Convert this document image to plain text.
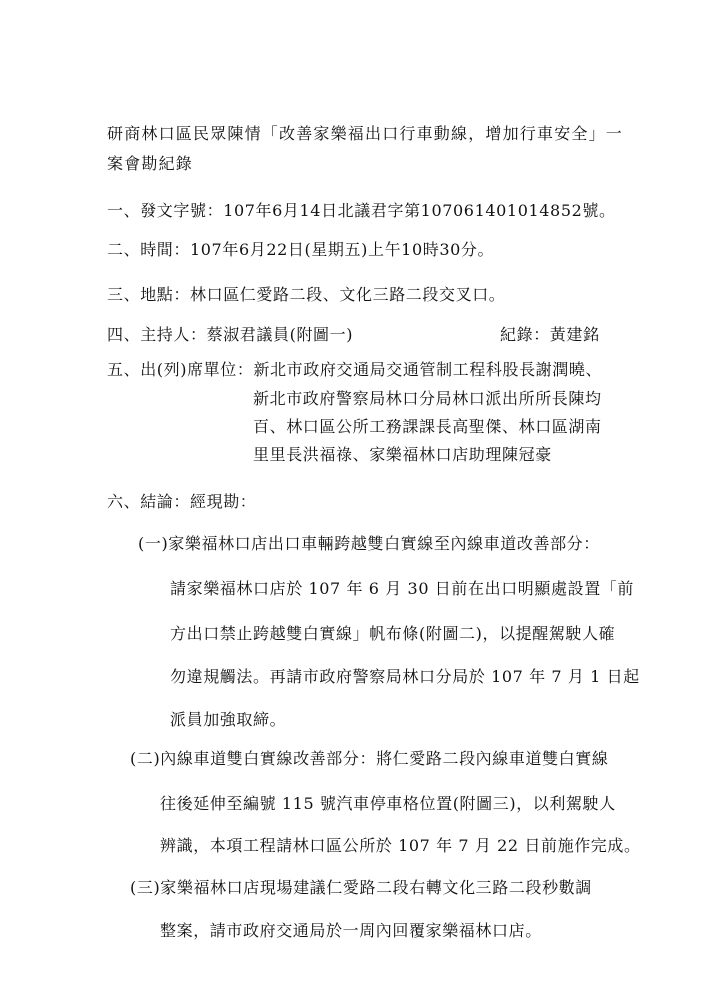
研商林口區民眾陳情「改善家樂福出口行車動線，增加行車安全」一
案會勘紀錄
一、發文字號：107年6月14日北議君字第107061401014852號。
二、時間：107年6月22日(星期五)上午10時30分。
三、地點：林口區仁愛路二段、文化三路二段交叉口。
四、主持人：蔡淑君議員(附圖一)	紀錄：黃建銘
五、出(列)席單位：新北市政府交通局交通管制工程科股長謝潤曉、
新北市政府警察局林口分局林口派出所所長陳均
百、林口區公所工務課課長高聖傑、林口區湖南
里里長洪福祿、家樂福林口店助理陳冠豪
六、結論：經現勘：
(一)家樂福林口店出口車輛跨越雙白實線至內線車道改善部分：
請家樂福林口店於 107 年 6 月 30 日前在出口明顯處設置「前
方出口禁止跨越雙白實線」帆布條(附圖二)，以提醒駕駛人確
勿違規觸法。再請市政府警察局林口分局於 107 年 7 月 1 日起
派員加強取締。
(二)內線車道雙白實線改善部分：將仁愛路二段內線車道雙白實線
往後延伸至編號 115 號汽車停車格位置(附圖三)，以利駕駛人
辨識，本項工程請林口區公所於 107 年 7 月 22 日前施作完成。
(三)家樂福林口店現場建議仁愛路二段右轉文化三路二段秒數調
整案，請市政府交通局於一周內回覆家樂福林口店。
